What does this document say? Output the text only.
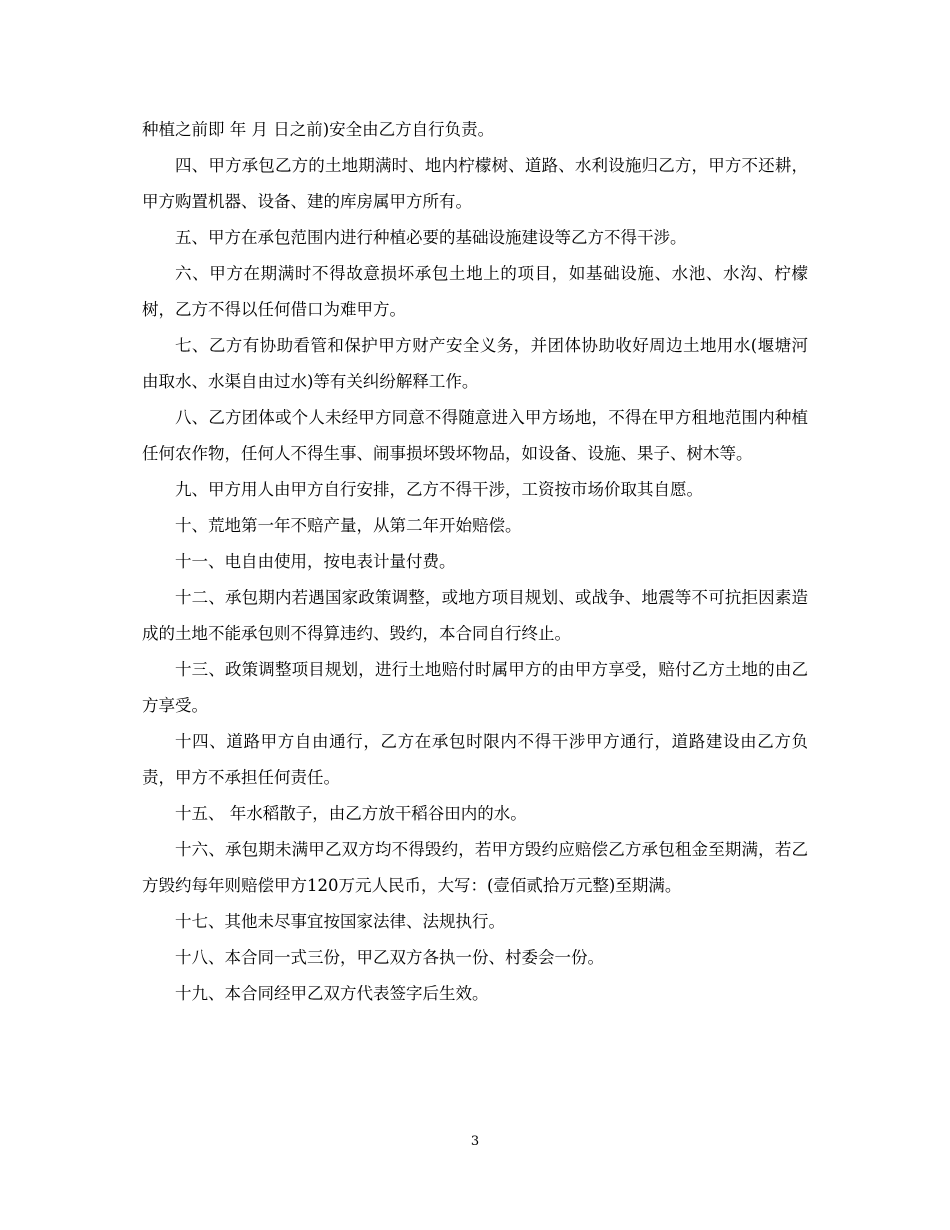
种植之前即 年 月 日之前)安全由乙方自行负责。

四、甲方承包乙方的土地期满时、地内柠檬树、道路、水利设施归乙方，甲方不还耕，甲方购置机器、设备、建的库房属甲方所有。

五、甲方在承包范围内进行种植必要的基础设施建设等乙方不得干涉。

六、甲方在期满时不得故意损坏承包土地上的项目，如基础设施、水池、水沟、柠檬树，乙方不得以任何借口为难甲方。

七、乙方有协助看管和保护甲方财产安全义务，并团体协助收好周边土地用水(堰塘河由取水、水渠自由过水)等有关纠纷解释工作。

八、乙方团体或个人未经甲方同意不得随意进入甲方场地，不得在甲方租地范围内种植任何农作物，任何人不得生事、闹事损坏毁坏物品，如设备、设施、果子、树木等。

九、甲方用人由甲方自行安排，乙方不得干涉，工资按市场价取其自愿。

十、荒地第一年不赔产量，从第二年开始赔偿。

十一、电自由使用，按电表计量付费。

十二、承包期内若遇国家政策调整，或地方项目规划、或战争、地震等不可抗拒因素造成的土地不能承包则不得算违约、毁约，本合同自行终止。

十三、政策调整项目规划，进行土地赔付时属甲方的由甲方享受，赔付乙方土地的由乙方享受。

十四、道路甲方自由通行，乙方在承包时限内不得干涉甲方通行，道路建设由乙方负责，甲方不承担任何责任。

十五、 年水稻散子，由乙方放干稻谷田内的水。

十六、承包期未满甲乙双方均不得毁约，若甲方毁约应赔偿乙方承包租金至期满，若乙方毁约每年则赔偿甲方120万元人民币，大写：(壹佰贰拾万元整)至期满。

十七、其他未尽事宜按国家法律、法规执行。

十八、本合同一式三份，甲乙双方各执一份、村委会一份。

十九、本合同经甲乙双方代表签字后生效。

3
